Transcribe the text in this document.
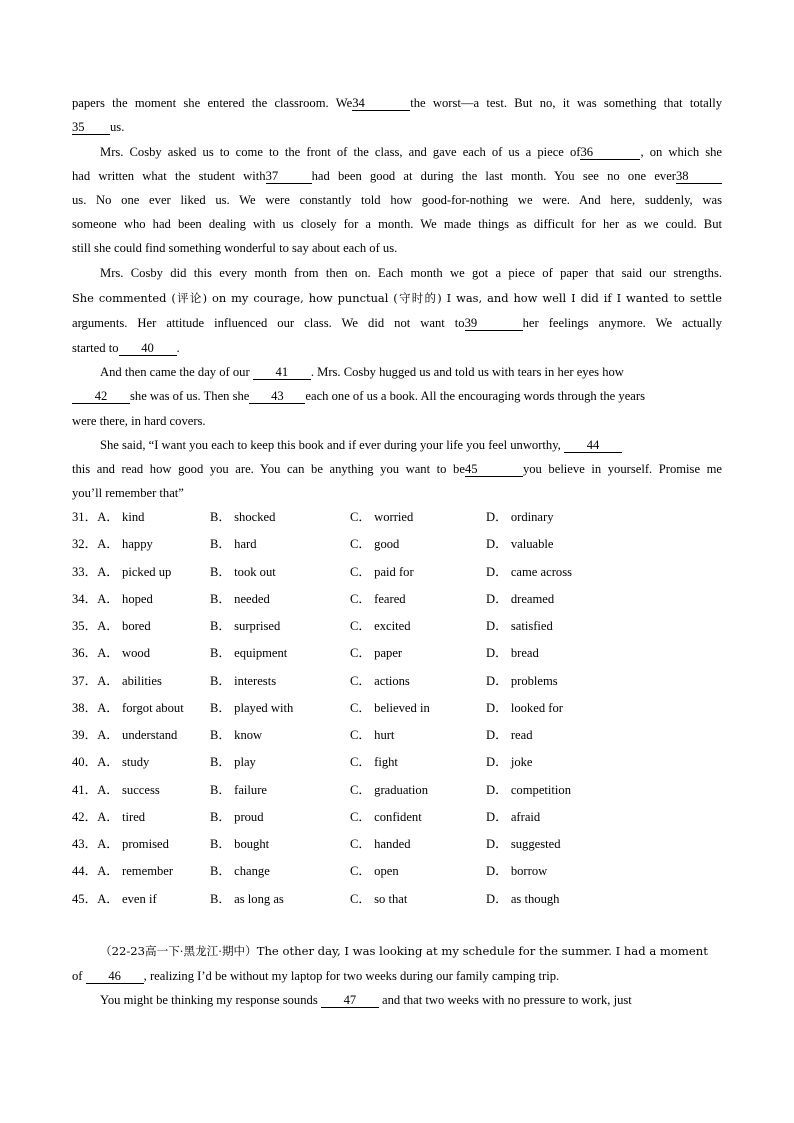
papers the moment she entered the classroom. We34	the worst—a test. But no, it was something that totally
35 us.
Mrs. Cosby asked us to come to the front of the class, and gave each of us a piece of36	, on which she
had written what the student with37	had been good at during the last month. You see no one ever38
us. No one ever liked us. We were constantly told how good-for-nothing we were. And here, suddenly, was
someone who had been dealing with us closely for a month. We made things as difficult for her as we could. But
still she could find something wonderful to say about each of us.
Mrs. Cosby did this every month from then on. Each month we got a piece of paper that said our strengths.
She commented (评论) on my courage, how punctual (守时的) I was, and how well I did if I wanted to settle
arguments. Her attitude influenced our class. We did not want to39	her feelings anymore. We actually
started to 40 .
And then came the day of our 41 . Mrs. Cosby hugged us and told us with tears in her eyes how
42 she was of us. Then she 43 each one of us a book. All the encouraging words through the years
were there, in hard covers.
She said, “I want you each to keep this book and if ever during your life you feel unworthy, 44
this and read how good you are. You can be anything you want to be45	you believe in yourself. Promise me
you’ll remember that”
31．A． kind	B． shocked	C． worried	D． ordinary
32．A． happy	B． hard	C． good	D． valuable
33．A． picked up	B． took out	C． paid for	D． came across
34．A． hoped	B． needed	C． feared	D． dreamed
35．A． bored	B． surprised	C． excited	D． satisfied
36．A． wood	B． equipment	C． paper	D． bread
37．A． abilities	B． interests	C． actions	D． problems
38．A． forgot about B． played with	C． believed in	D． looked for
39．A． understand	B． know	C． hurt	D． read
40．A． study	B． play	C． fight	D． joke
41．A． success	B． failure	C． graduation	D． competition
42．A． tired	B． proud	C． confident	D． afraid
43．A． promised	B． bought	C． handed	D． suggested
44．A． remember	B． change	C． open	D． borrow
45．A． even if	B． as long as	C． so that	D． as though
（22-23高一下·黑龙江·期中）The other day, I was looking at my schedule for the summer. I had a moment
of 46 , realizing I’d be without my laptop for two weeks during our family camping trip.
You might be thinking my response sounds 47 and that two weeks with no pressure to work, just
